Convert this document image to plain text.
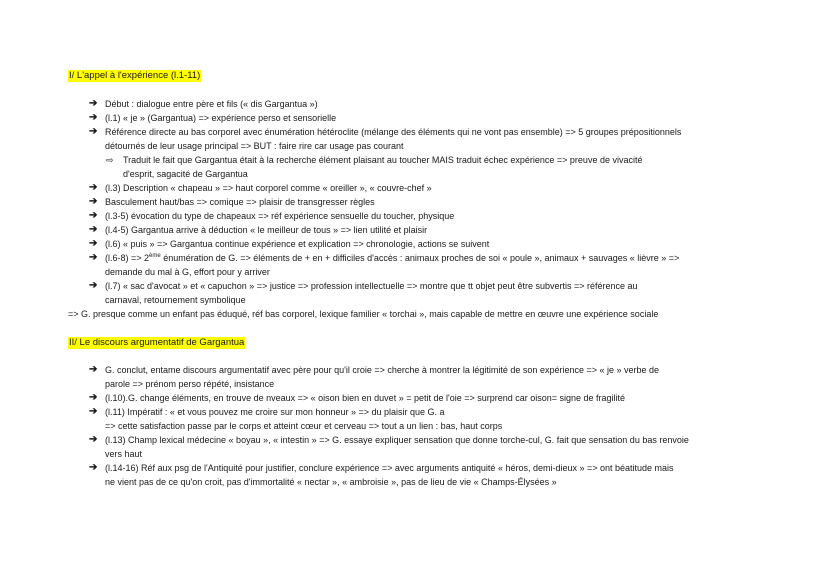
I/ L'appel à l'expérience (l.1-11)
➔ Début : dialogue entre père et fils (« dis Gargantua »)
➔ (l.1) « je » (Gargantua) => expérience perso et sensorielle
➔ Référence directe au bas corporel avec énumération hétéroclite (mélange des éléments qui ne vont pas ensemble) => 5 groupes prépositionnels
détournés de leur usage principal => BUT : faire rire car usage pas courant
⇨ Traduit le fait que Gargantua était à la recherche élément plaisant au toucher MAIS traduit échec expérience => preuve de vivacité
d'esprit, sagacité de Gargantua
➔ (l.3) Description « chapeau » => haut corporel comme « oreiller », « couvre-chef »
➔ Basculement haut/bas => comique => plaisir de transgresser règles
➔ (l.3-5) évocation du type de chapeaux => réf expérience sensuelle du toucher, physique
➔ (l.4-5) Gargantua arrive à déduction « le meilleur de tous » => lien utilité et plaisir
➔ (l.6) « puis » => Gargantua continue expérience et explication => chronologie, actions se suivent
➔ (l.6-8) => 2ème énumération de G. => éléments de + en + difficiles d'accès : animaux proches de soi « poule », animaux + sauvages « lièvre » =>
demande du mal à G, effort pour y arriver
➔ (l.7) « sac d'avocat » et « capuchon » => justice => profession intellectuelle => montre que tt objet peut être subvertis => référence au
carnaval, retournement symbolique
=> G. presque comme un enfant pas éduqué, réf bas corporel, lexique familier « torchai », mais capable de mettre en œuvre une expérience sociale
II/ Le discours argumentatif de Gargantua
➔ G. conclut, entame discours argumentatif avec père pour qu'il croie => cherche à montrer la légitimité de son expérience => « je » verbe de
parole => prénom perso répété, insistance
➔ (l.10).G. change éléments, en trouve de nveaux => « oison bien en duvet » = petit de l'oie => surprend car oison= signe de fragilité
➔ (l.11) Impératif : « et vous pouvez me croire sur mon honneur » => du plaisir que G. a
=> cette satisfaction passe par le corps et atteint cœur et cerveau => tout a un lien : bas, haut corps
➔ (l.13) Champ lexical médecine « boyau », « intestin » => G. essaye expliquer sensation que donne torche-cul, G. fait que sensation du bas renvoie
vers haut
➔ (l.14-16) Réf aux psg de l'Antiquité pour justifier, conclure expérience => avec arguments antiquité « héros, demi-dieux » => ont béatitude mais
ne vient pas de ce qu'on croit, pas d'immortalité « nectar », « ambroisie », pas de lieu de vie « Champs-Élysées »
